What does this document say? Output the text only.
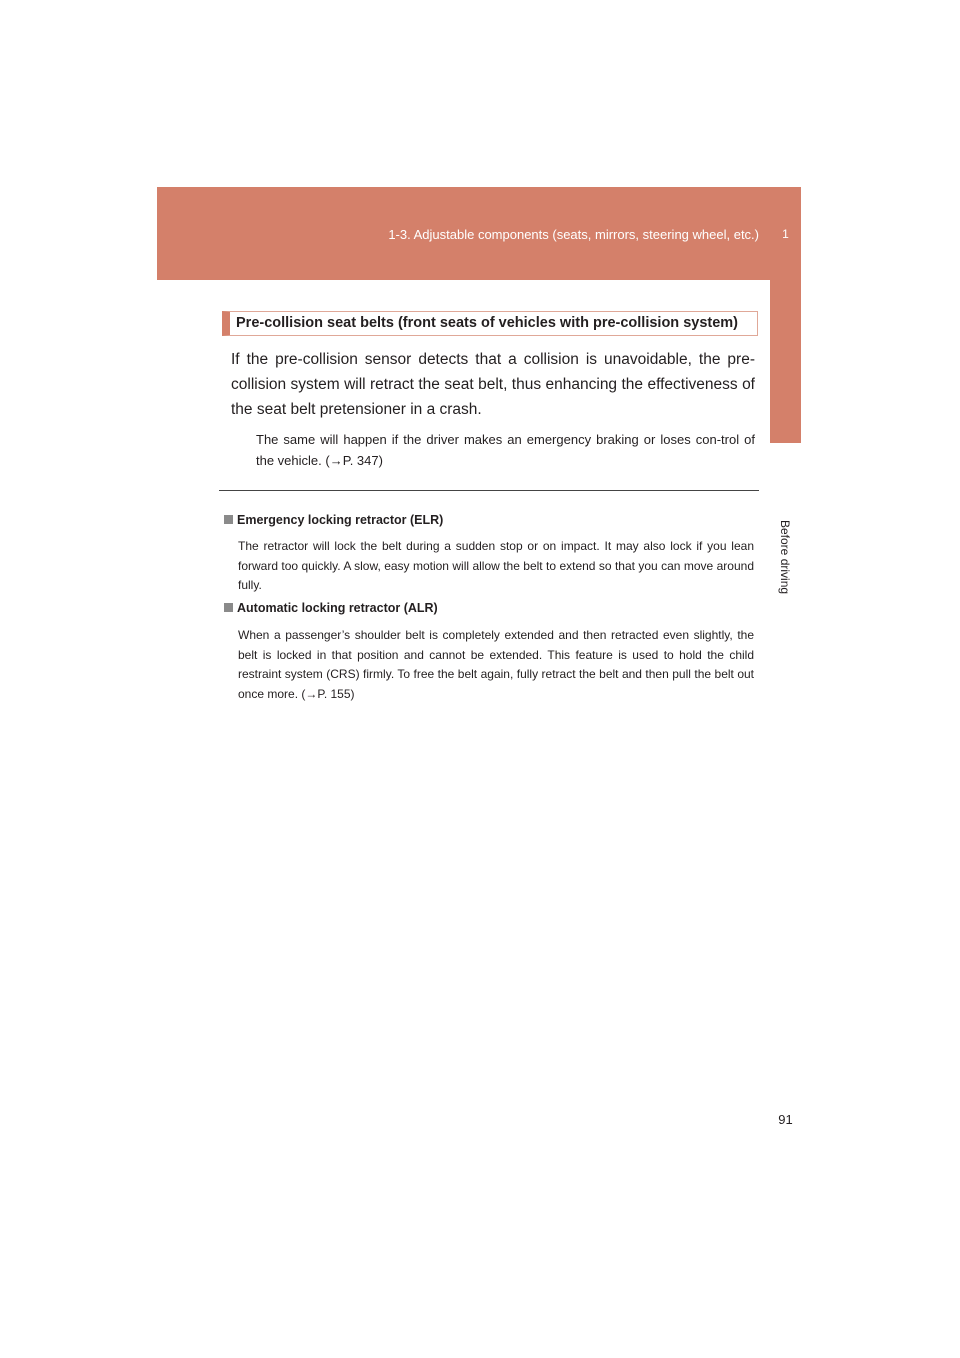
1-3. Adjustable components (seats, mirrors, steering wheel, etc.)	1
Before driving
Pre-collision seat belts (front seats of vehicles with pre-collision system)

If the pre-collision sensor detects that a collision is unavoidable, the pre-collision system will retract the seat belt, thus enhancing the effectiveness of the seat belt pretensioner in a crash.

The same will happen if the driver makes an emergency braking or loses con-trol of the vehicle. (→P. 347)

Emergency locking retractor (ELR)

The retractor will lock the belt during a sudden stop or on impact. It may also lock if you lean forward too quickly. A slow, easy motion will allow the belt to extend so that you can move around fully.

Automatic locking retractor (ALR)

When a passenger’s shoulder belt is completely extended and then retracted even slightly, the belt is locked in that position and cannot be extended. This feature is used to hold the child restraint system (CRS) firmly. To free the belt again, fully retract the belt and then pull the belt out once more. (→P. 155)

91
